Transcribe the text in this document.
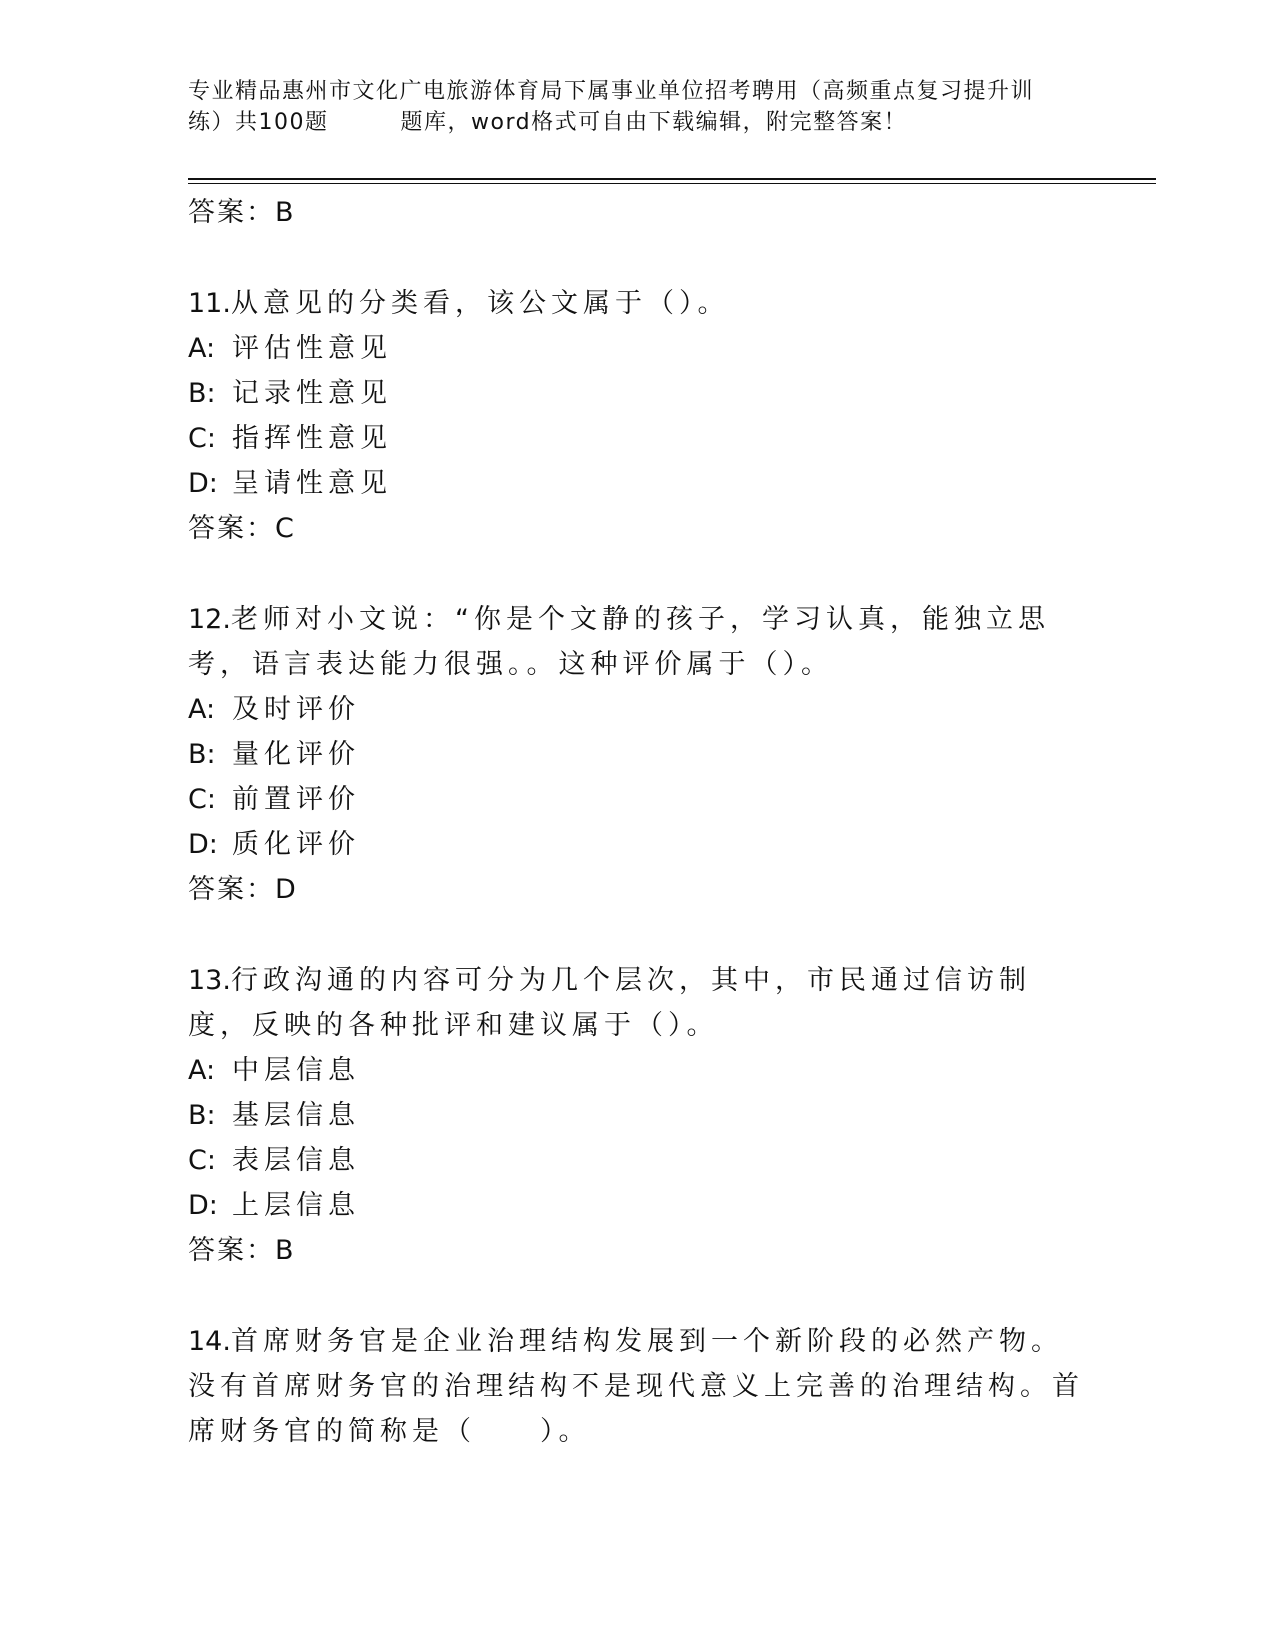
专业精品惠州市文化广电旅游体育局下属事业单位招考聘用（高频重点复习提升训
练）共100题	题库，word格式可自由下载编辑，附完整答案！
答案：B
11.从意见的分类看，该公文属于（）。
A: 评估性意见
B: 记录性意见
C: 指挥性意见
D: 呈请性意见
答案：C
12.老师对小文说：“你是个文静的孩子，学习认真，能独立思考，语言表达能力很强。。这种评价属于（）。
A: 及时评价
B: 量化评价
C: 前置评价
D: 质化评价
答案：D
13.行政沟通的内容可分为几个层次，其中，市民通过信访制度，反映的各种批评和建议属于（）。
A: 中层信息
B: 基层信息
C: 表层信息
D: 上层信息
答案：B
14.首席财务官是企业治理结构发展到一个新阶段的必然产物。没有首席财务官的治理结构不是现代意义上完善的治理结构。首席财务官的简称是（　　）。
